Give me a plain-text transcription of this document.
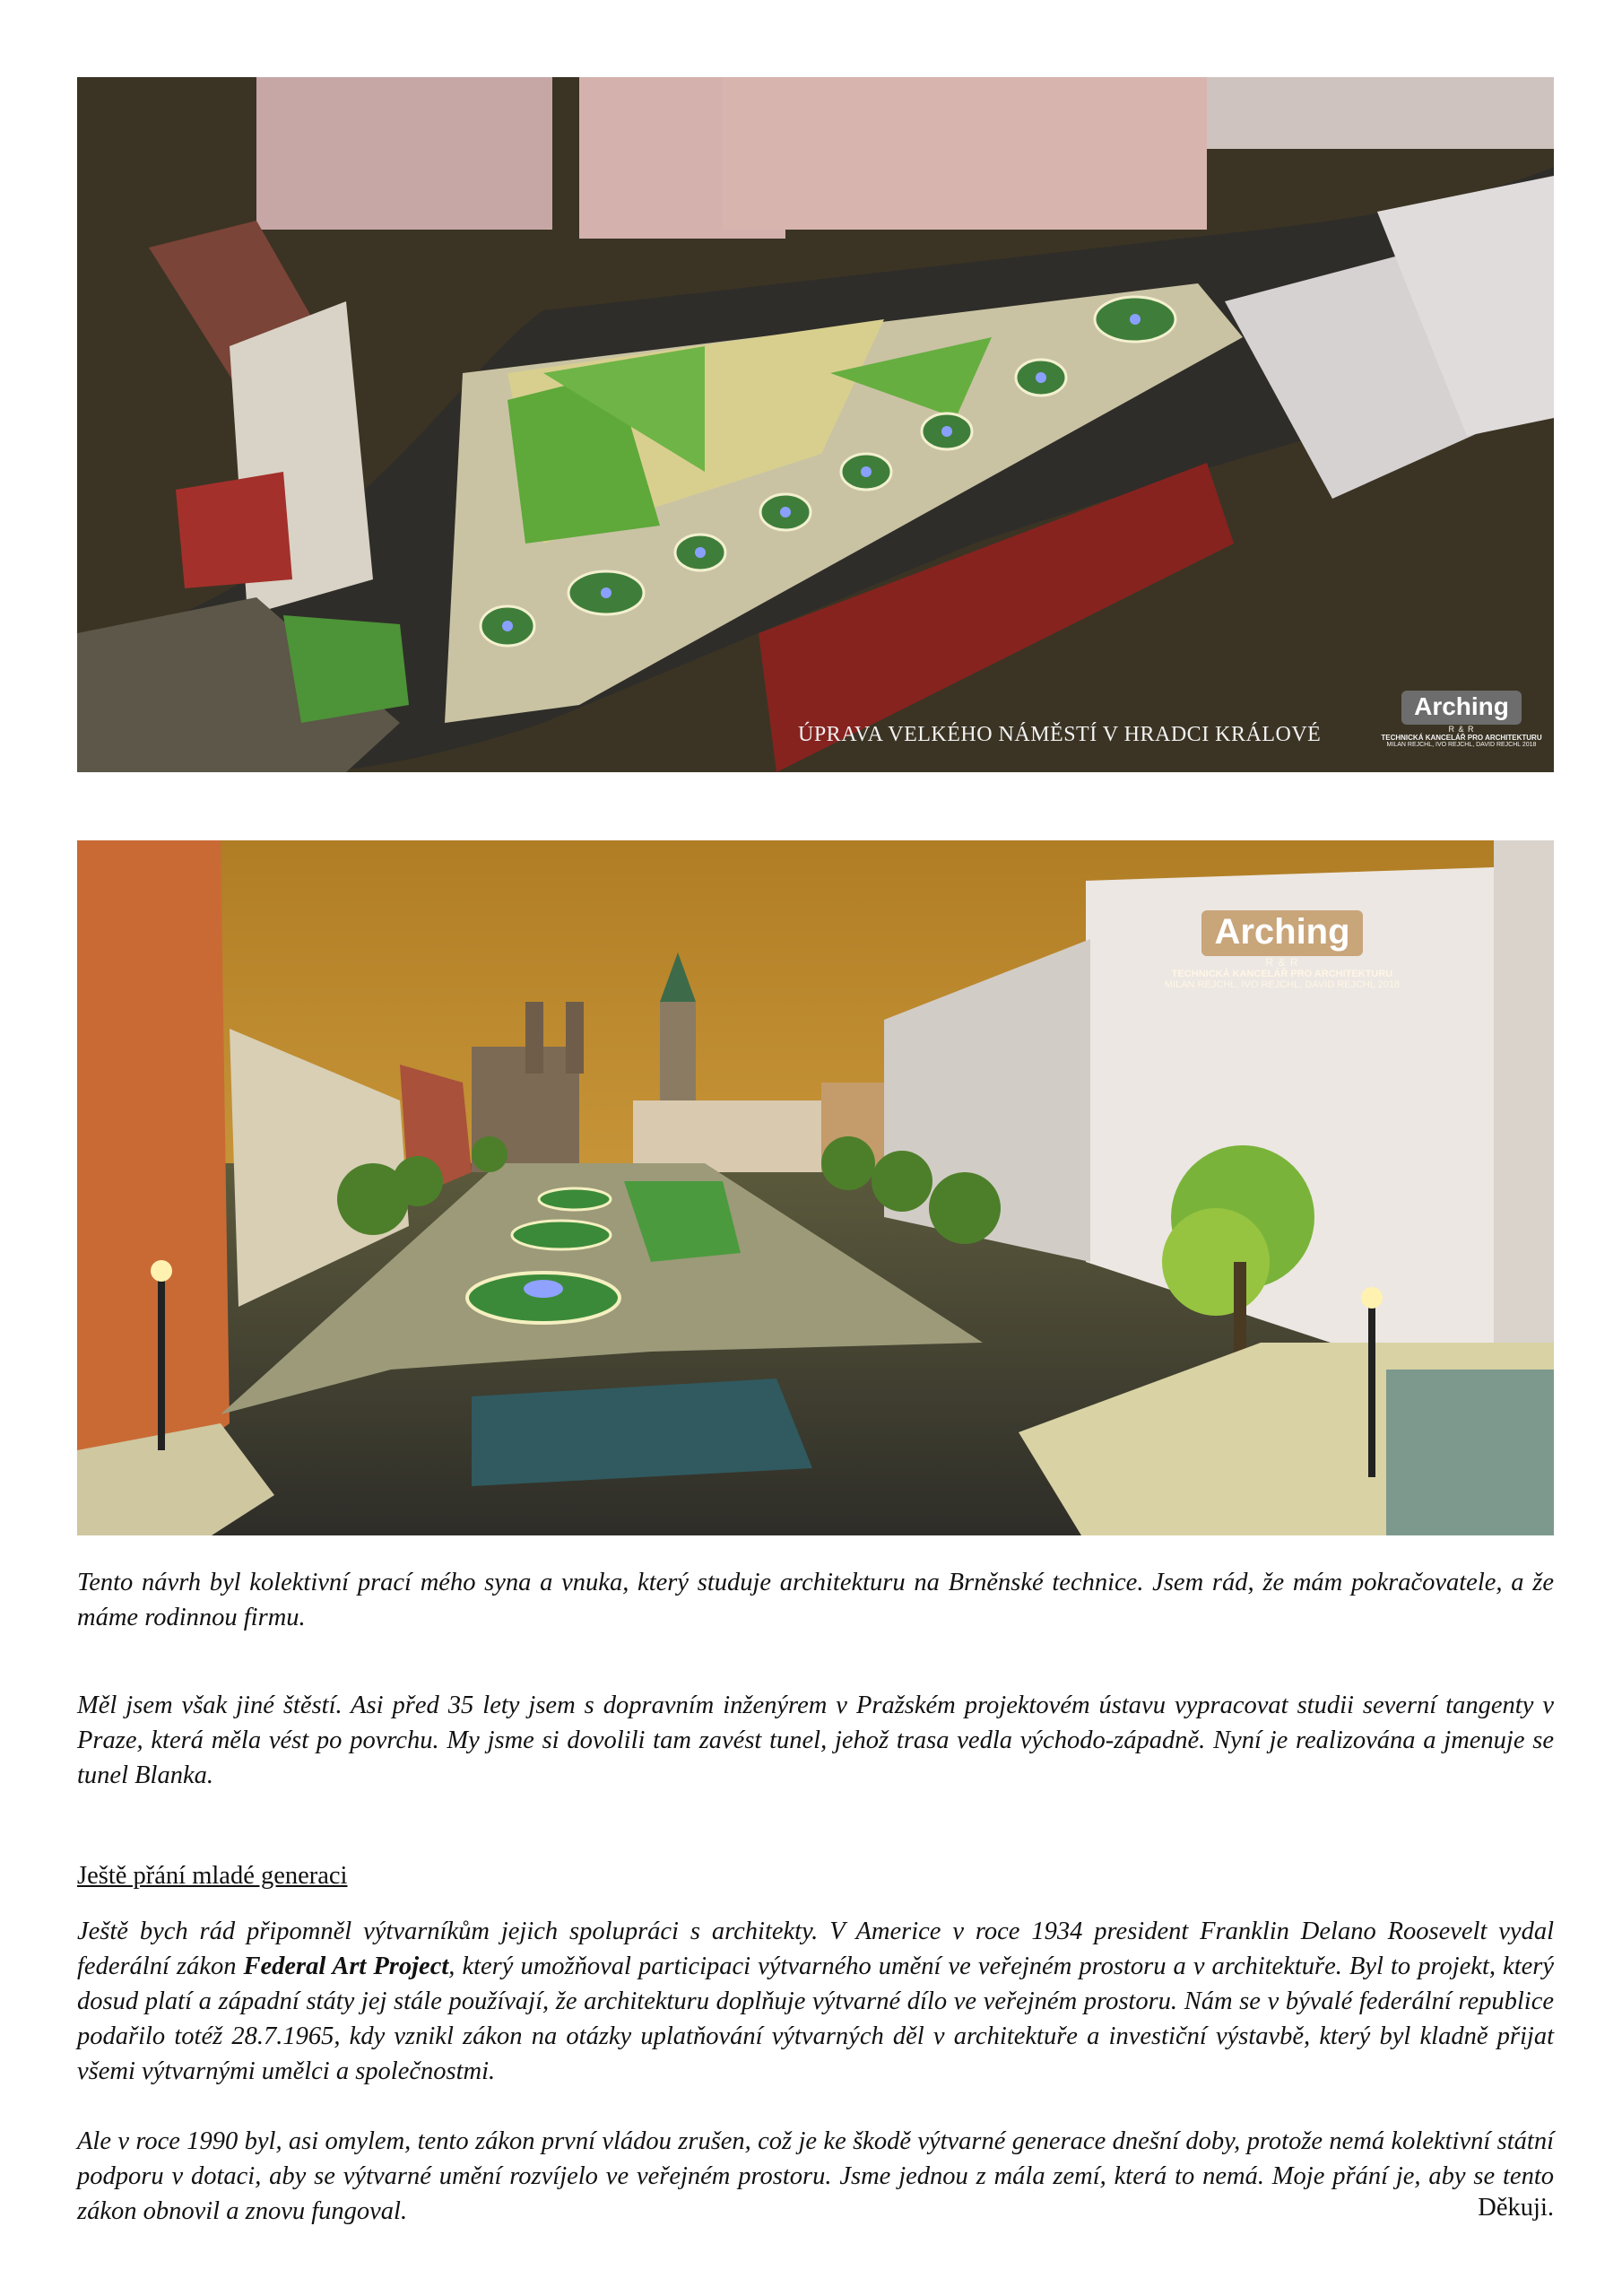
ÚPRAVA VELKÉHO NÁMĚSTÍ V HRADCI KRÁLOVÉ
Arching
R & R
TECHNICKÁ KANCELÁŘ PRO ARCHITEKTURU
MILAN REJCHL, IVO REJCHL, DAVID REJCHL 2018
Arching
R & R
TECHNICKÁ KANCELÁŘ PRO ARCHITEKTURU
MILAN REJCHL, IVO REJCHL, DAVID REJCHL 2018

Tento návrh byl kolektivní prací mého syna a vnuka, který studuje architekturu na Brněnské technice. Jsem rád, že mám pokračovatele, a že máme rodinnou firmu.

Měl jsem však jiné štěstí. Asi před 35 lety jsem s dopravním inženýrem v Pražském projektovém ústavu vypracovat studii severní tangenty v Praze, která měla vést po povrchu. My jsme si dovolili tam zavést tunel, jehož trasa vedla východo-západně. Nyní je realizována a jmenuje se tunel Blanka.

Ještě přání mladé generaci

Ještě bych rád připomněl výtvarníkům jejich spolupráci s architekty. V Americe v roce 1934 president Franklin Delano Roosevelt vydal federální zákon Federal Art Project, který umožňoval participaci výtvarného umění ve veřejném prostoru a v architektuře. Byl to projekt, který dosud platí a západní státy jej stále používají, že architekturu doplňuje výtvarné dílo ve veřejném prostoru. Nám se v bývalé federální republice podařilo totéž 28.7.1965, kdy vznikl zákon na otázky uplatňování výtvarných děl v architektuře a investiční výstavbě, který byl kladně přijat všemi výtvarnými umělci a společnostmi.

Ale v roce 1990 byl, asi omylem, tento zákon první vládou zrušen, což je ke škodě výtvarné generace dnešní doby, protože nemá kolektivní státní podporu v dotaci, aby se výtvarné umění rozvíjelo ve veřejném prostoru. Jsme jednou z mála zemí, která to nemá. Moje přání je, aby se tento zákon obnovil a znovu fungoval.	Děkuji.
